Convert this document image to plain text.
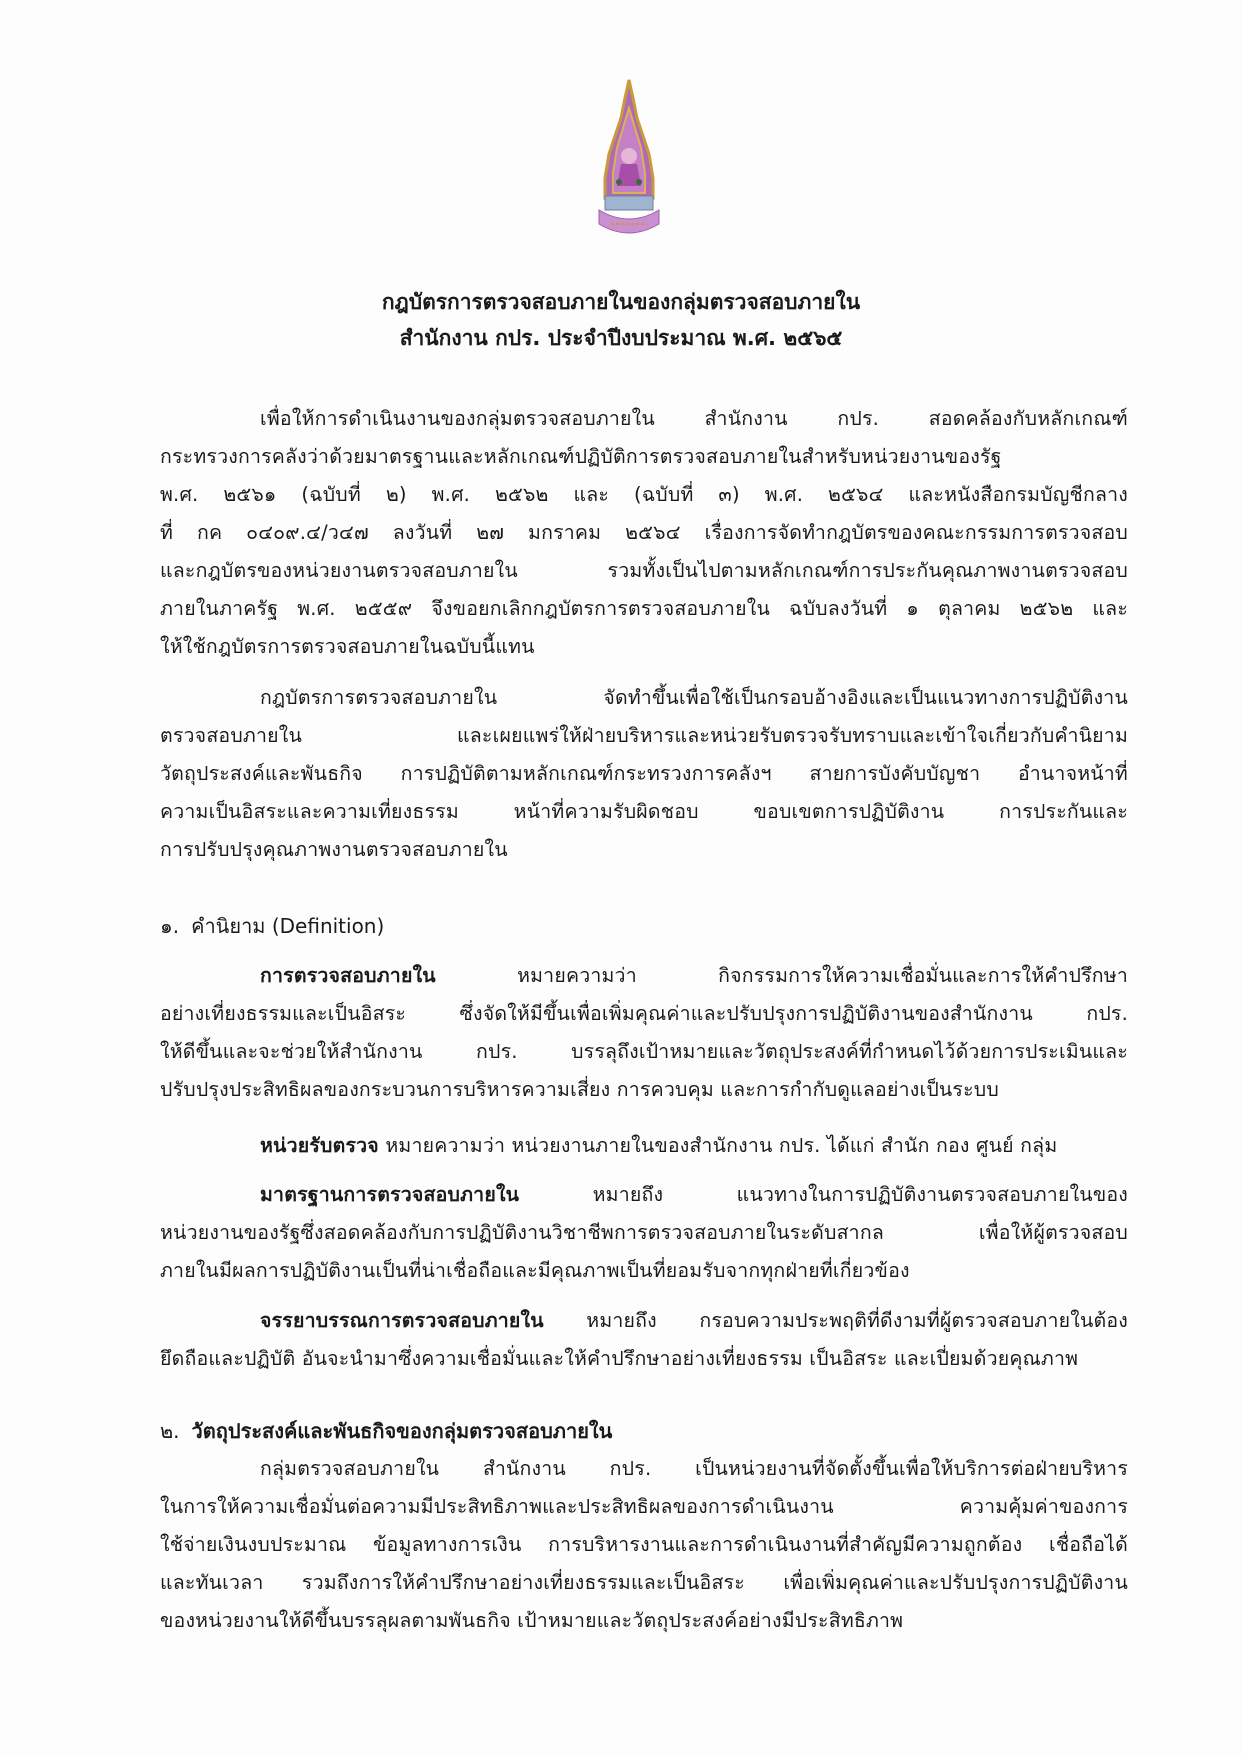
กฎบัตรการตรวจสอบภายในของกลุ่มตรวจสอบภายใน
สำนักงาน กปร. ประจำปีงบประมาณ พ.ศ. ๒๕๖๕
เพื่อให้การดำเนินงานของกลุ่มตรวจสอบภายใน สำนักงาน กปร. สอดคล้องกับหลักเกณฑ์
กระทรวงการคลังว่าด้วยมาตรฐานและหลักเกณฑ์ปฏิบัติการตรวจสอบภายในสำหรับหน่วยงานของรัฐ
พ.ศ. ๒๕๖๑ (ฉบับที่ ๒) พ.ศ. ๒๕๖๒ และ (ฉบับที่ ๓) พ.ศ. ๒๕๖๔ และหนังสือกรมบัญชีกลาง
ที่ กค ๐๔๐๙.๔/ว๔๗ ลงวันที่ ๒๗ มกราคม ๒๕๖๔ เรื่องการจัดทำกฎบัตรของคณะกรรมการตรวจสอบ
และกฎบัตรของหน่วยงานตรวจสอบภายใน รวมทั้งเป็นไปตามหลักเกณฑ์การประกันคุณภาพงานตรวจสอบ
ภายในภาครัฐ พ.ศ. ๒๕๕๙ จึงขอยกเลิกกฎบัตรการตรวจสอบภายใน ฉบับลงวันที่ ๑ ตุลาคม ๒๕๖๒ และ
ให้ใช้กฎบัตรการตรวจสอบภายในฉบับนี้แทน
กฎบัตรการตรวจสอบภายใน จัดทำขึ้นเพื่อใช้เป็นกรอบอ้างอิงและเป็นแนวทางการปฏิบัติงาน
ตรวจสอบภายใน และเผยแพร่ให้ฝ่ายบริหารและหน่วยรับตรวจรับทราบและเข้าใจเกี่ยวกับคำนิยาม
วัตถุประสงค์และพันธกิจ การปฏิบัติตามหลักเกณฑ์กระทรวงการคลังฯ สายการบังคับบัญชา อำนาจหน้าที่
ความเป็นอิสระและความเที่ยงธรรม หน้าที่ความรับผิดชอบ ขอบเขตการปฏิบัติงาน การประกันและ
การปรับปรุงคุณภาพงานตรวจสอบภายใน
๑. คำนิยาม (Definition)
การตรวจสอบภายใน หมายความว่า กิจกรรมการให้ความเชื่อมั่นและการให้คำปรึกษา
อย่างเที่ยงธรรมและเป็นอิสระ ซึ่งจัดให้มีขึ้นเพื่อเพิ่มคุณค่าและปรับปรุงการปฏิบัติงานของสำนักงาน กปร.
ให้ดีขึ้นและจะช่วยให้สำนักงาน กปร. บรรลุถึงเป้าหมายและวัตถุประสงค์ที่กำหนดไว้ด้วยการประเมินและ
ปรับปรุงประสิทธิผลของกระบวนการบริหารความเสี่ยง การควบคุม และการกำกับดูแลอย่างเป็นระบบ
หน่วยรับตรวจ หมายความว่า หน่วยงานภายในของสำนักงาน กปร. ได้แก่ สำนัก กอง ศูนย์ กลุ่ม
มาตรฐานการตรวจสอบภายใน หมายถึง แนวทางในการปฏิบัติงานตรวจสอบภายในของ
หน่วยงานของรัฐซึ่งสอดคล้องกับการปฏิบัติงานวิชาชีพการตรวจสอบภายในระดับสากล เพื่อให้ผู้ตรวจสอบ
ภายในมีผลการปฏิบัติงานเป็นที่น่าเชื่อถือและมีคุณภาพเป็นที่ยอมรับจากทุกฝ่ายที่เกี่ยวข้อง
จรรยาบรรณการตรวจสอบภายใน หมายถึง กรอบความประพฤติที่ดีงามที่ผู้ตรวจสอบภายในต้อง
ยึดถือและปฏิบัติ อันจะนำมาซึ่งความเชื่อมั่นและให้คำปรึกษาอย่างเที่ยงธรรม เป็นอิสระ และเปี่ยมด้วยคุณภาพ
๒. วัตถุประสงค์และพันธกิจของกลุ่มตรวจสอบภายใน
กลุ่มตรวจสอบภายใน สำนักงาน กปร. เป็นหน่วยงานที่จัดตั้งขึ้นเพื่อให้บริการต่อฝ่ายบริหาร
ในการให้ความเชื่อมั่นต่อความมีประสิทธิภาพและประสิทธิผลของการดำเนินงาน ความคุ้มค่าของการ
ใช้จ่ายเงินงบประมาณ ข้อมูลทางการเงิน การบริหารงานและการดำเนินงานที่สำคัญมีความถูกต้อง เชื่อถือได้
และทันเวลา รวมถึงการให้คำปรึกษาอย่างเที่ยงธรรมและเป็นอิสระ เพื่อเพิ่มคุณค่าและปรับปรุงการปฏิบัติงาน
ของหน่วยงานให้ดีขึ้นบรรลุผลตามพันธกิจ เป้าหมายและวัตถุประสงค์อย่างมีประสิทธิภาพ
